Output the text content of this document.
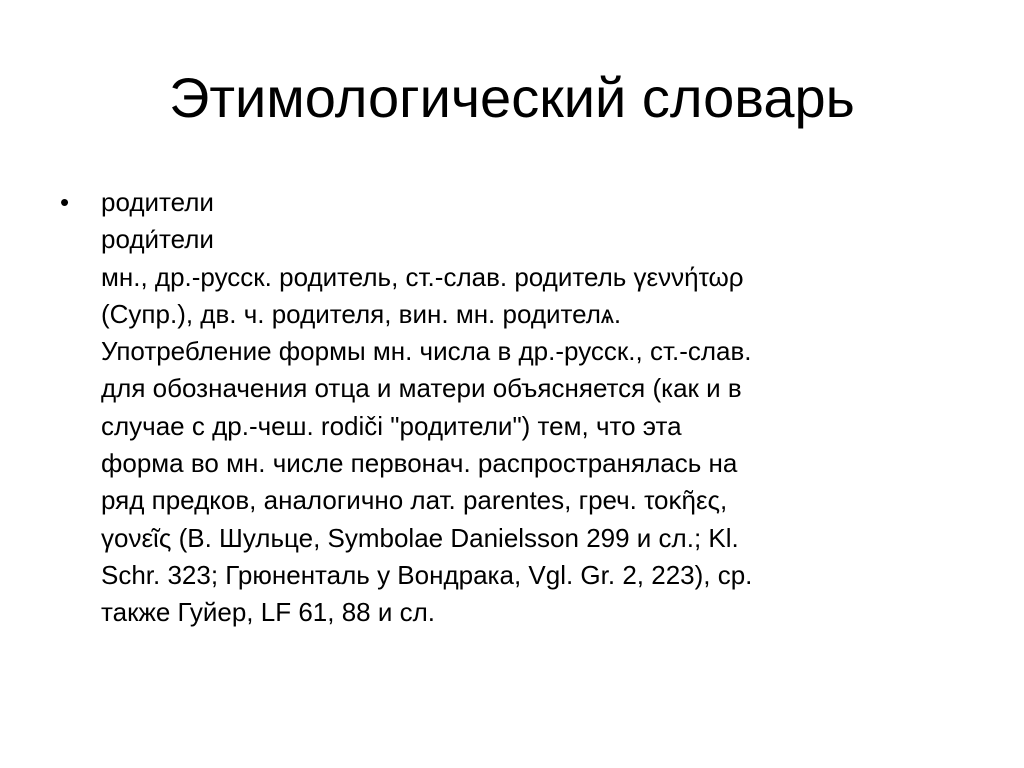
Этимологический словарь
•	родители
роди́тели
мн., др.-русск. родитель, ст.-слав. родитель γεννήτωρ
(Супр.), дв. ч. родителя, вин. мн. родителѧ.
Употребление формы мн. числа в др.-русск., ст.-слав.
для обозначения отца и матери объясняется (как и в
случае с др.-чеш. rodiči "родители") тем, что эта
форма во мн. числе первонач. распространялась на
ряд предков, аналогично лат. parentes, греч. τοκῆες,
γονεῖς (В. Шульце, Symbolae Danielsson 299 и сл.; Kl.
Schr. 323; Грюненталь у Вондрака, Vgl. Gr. 2, 223), ср.
также Гуйер, LF 61, 88 и сл.
